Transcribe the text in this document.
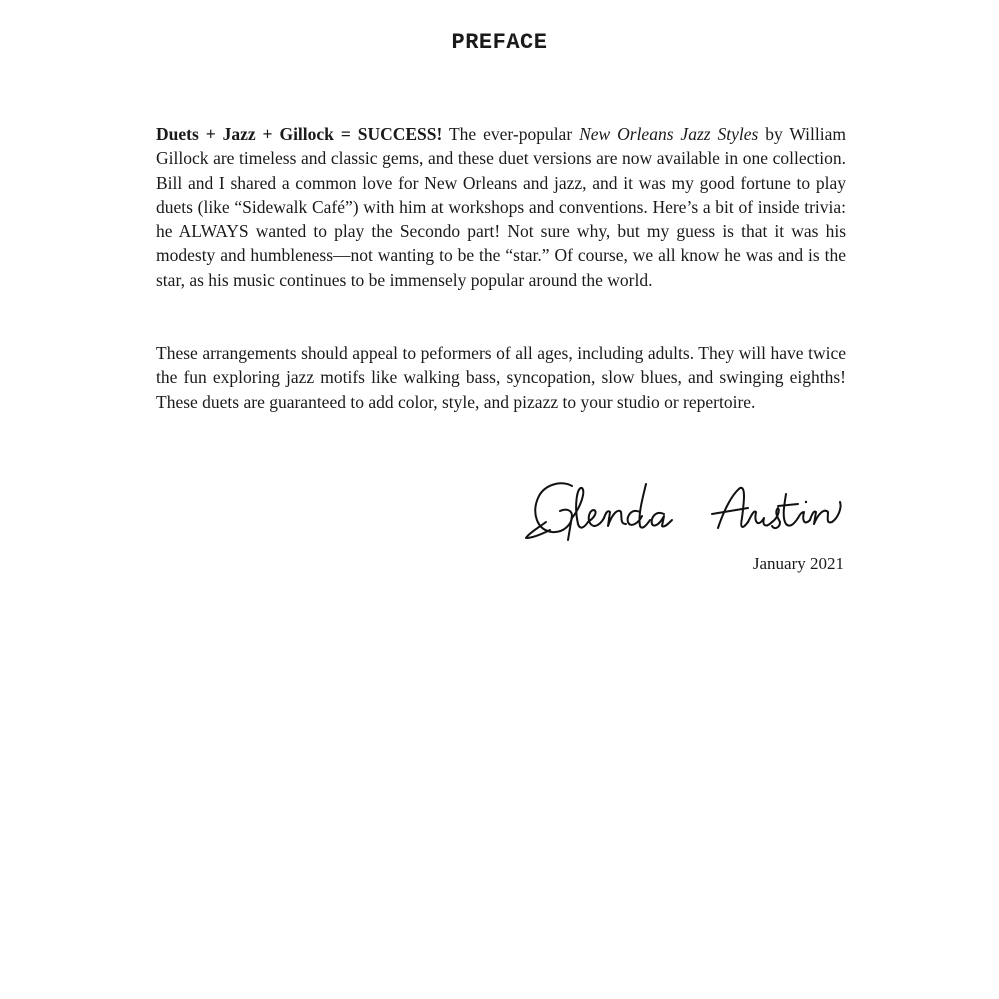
PREFACE

Duets + Jazz + Gillock = SUCCESS! The ever-popular New Orleans Jazz Styles by William Gillock are timeless and classic gems, and these duet versions are now available in one collection. Bill and I shared a common love for New Orleans and jazz, and it was my good fortune to play duets (like “Sidewalk Café”) with him at workshops and conventions. Here’s a bit of inside trivia: he ALWAYS wanted to play the Secondo part! Not sure why, but my guess is that it was his modesty and humbleness—not wanting to be the “star.” Of course, we all know he was and is the star, as his music continues to be immensely popular around the world.

These arrangements should appeal to peformers of all ages, including adults. They will have twice the fun exploring jazz motifs like walking bass, syncopation, slow blues, and swinging eighths! These duets are guaranteed to add color, style, and pizazz to your studio or repertoire.

January 2021
